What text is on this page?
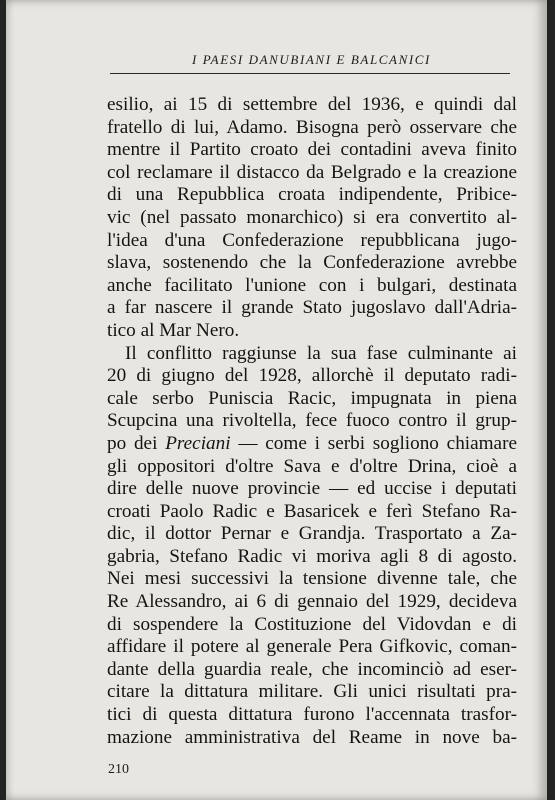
I PAESI DANUBIANI E BALCANICI
esilio, ai 15 di settembre del 1936, e quindi dal
fratello di lui, Adamo. Bisogna però osservare che
mentre il Partito croato dei contadini aveva finito
col reclamare il distacco da Belgrado e la creazione
di una Repubblica croata indipendente, Pribice-
vic (nel passato monarchico) si era convertito al-
l'idea d'una Confederazione repubblicana jugo-
slava, sostenendo che la Confederazione avrebbe
anche facilitato l'unione con i bulgari, destinata
a far nascere il grande Stato jugoslavo dall'Adria-
tico al Mar Nero.
Il conflitto raggiunse la sua fase culminante ai
20 di giugno del 1928, allorchè il deputato radi-
cale serbo Puniscia Racic, impugnata in piena
Scupcina una rivoltella, fece fuoco contro il grup-
po dei Preciani — come i serbi sogliono chiamare
gli oppositori d'oltre Sava e d'oltre Drina, cioè a
dire delle nuove provincie — ed uccise i deputati
croati Paolo Radic e Basaricek e ferì Stefano Ra-
dic, il dottor Pernar e Grandja. Trasportato a Za-
gabria, Stefano Radic vi moriva agli 8 di agosto.
Nei mesi successivi la tensione divenne tale, che
Re Alessandro, ai 6 di gennaio del 1929, decideva
di sospendere la Costituzione del Vidovdan e di
affidare il potere al generale Pera Gifkovic, coman-
dante della guardia reale, che incominciò ad eser-
citare la dittatura militare. Gli unici risultati pra-
tici di questa dittatura furono l'accennata trasfor-
mazione amministrativa del Reame in nove ba-
210
